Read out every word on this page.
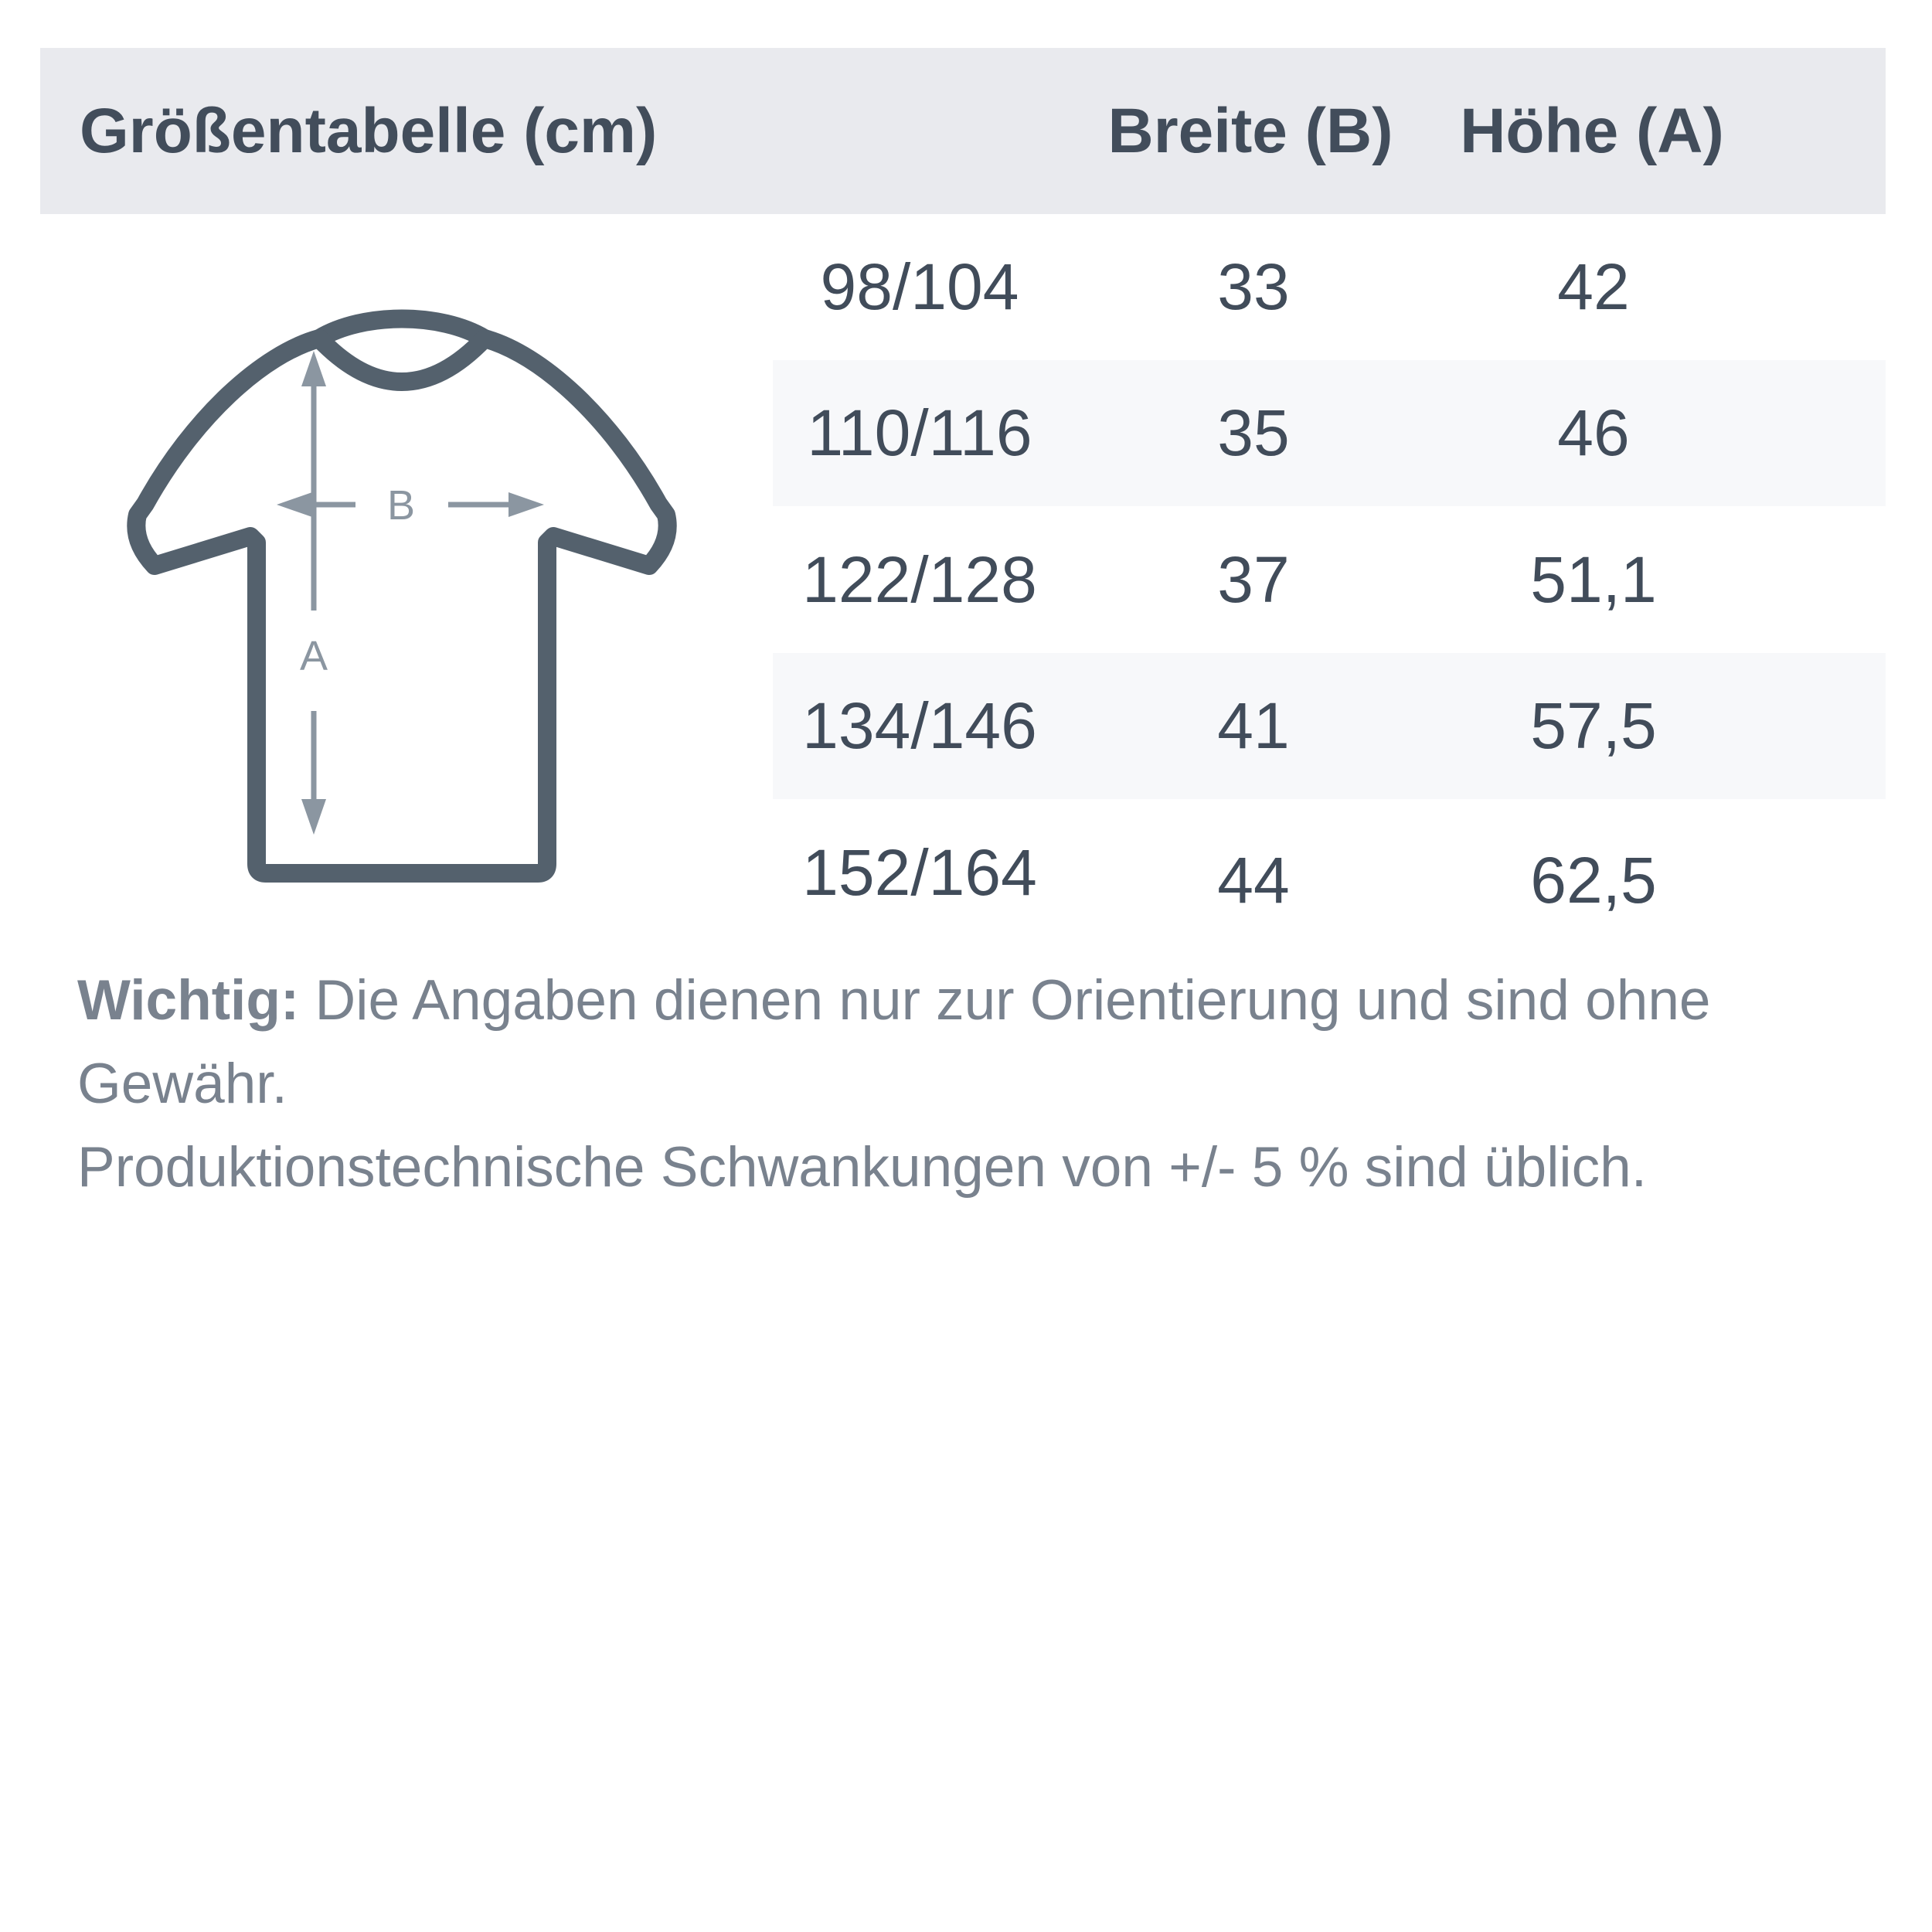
Größentabelle (cm)	Breite (B) Höhe (A)
A
B
98/104	33	42
110/116	35	46
122/128	37	51,1
134/146	41	57,5
152/164	44	62,5
Wichtig: Die Angaben dienen nur zur Orientierung und sind ohne Gewähr.
Produktionstechnische Schwankungen von +/- 5 % sind üblich.
